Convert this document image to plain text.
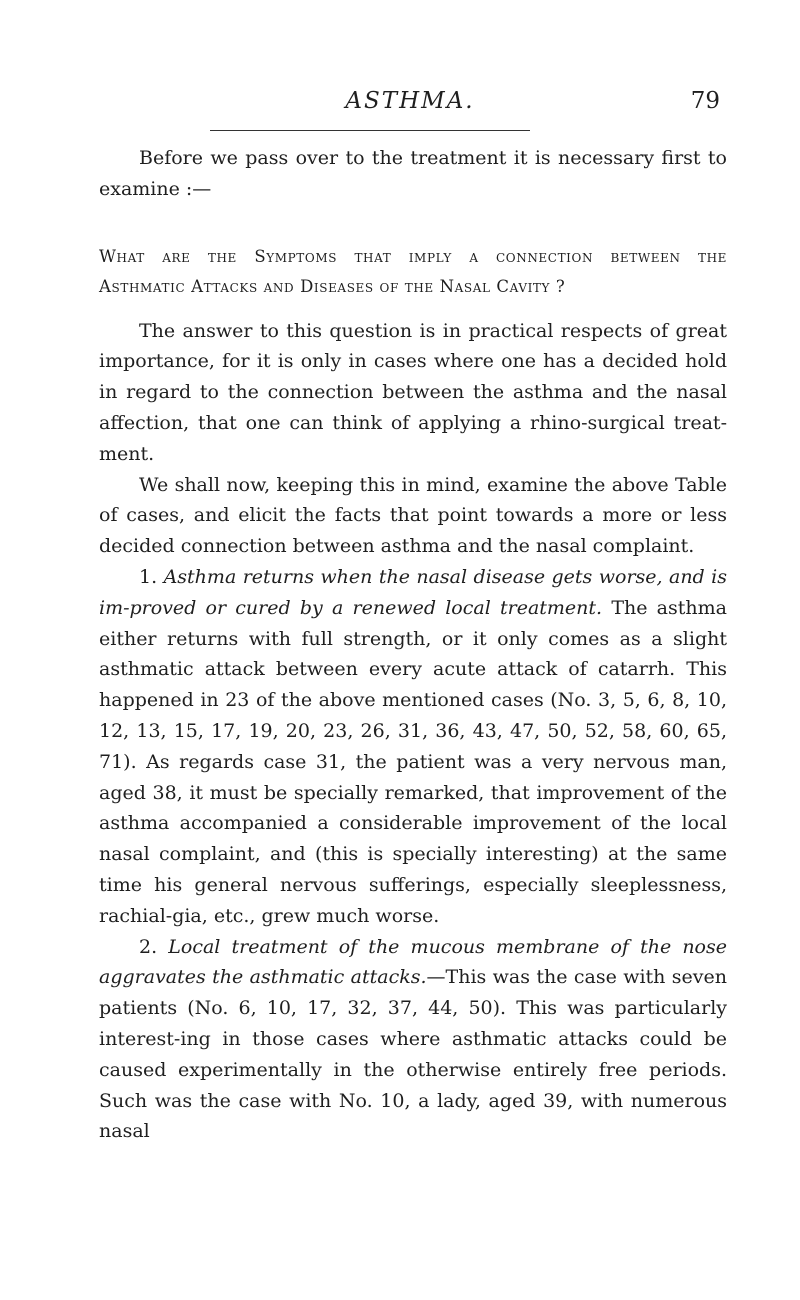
ASTHMA.	79

Before we pass over to the treatment it is necessary first to examine :—

What are the Symptoms that imply a connection between the
Asthmatic Attacks and Diseases of the Nasal Cavity ?

The answer to this question is in practical respects of great importance, for it is only in cases where one has a decided hold in regard to the connection between the asthma and the nasal affection, that one can think of applying a rhino-surgical treat-ment.

We shall now, keeping this in mind, examine the above Table of cases, and elicit the facts that point towards a more or less decided connection between asthma and the nasal complaint.

1. Asthma returns when the nasal disease gets worse, and is im-proved or cured by a renewed local treatment. The asthma either returns with full strength, or it only comes as a slight asthmatic attack between every acute attack of catarrh. This happened in 23 of the above mentioned cases (No. 3, 5, 6, 8, 10, 12, 13, 15, 17, 19, 20, 23, 26, 31, 36, 43, 47, 50, 52, 58, 60, 65, 71). As regards case 31, the patient was a very nervous man, aged 38, it must be specially remarked, that improvement of the asthma accompanied a considerable improvement of the local nasal complaint, and (this is specially interesting) at the same time his general nervous sufferings, especially sleeplessness, rachial-gia, etc., grew much worse.

2. Local treatment of the mucous membrane of the nose aggravates the asthmatic attacks.—This was the case with seven patients (No. 6, 10, 17, 32, 37, 44, 50). This was particularly interest-ing in those cases where asthmatic attacks could be caused experimentally in the otherwise entirely free periods. Such was the case with No. 10, a lady, aged 39, with numerous nasal
